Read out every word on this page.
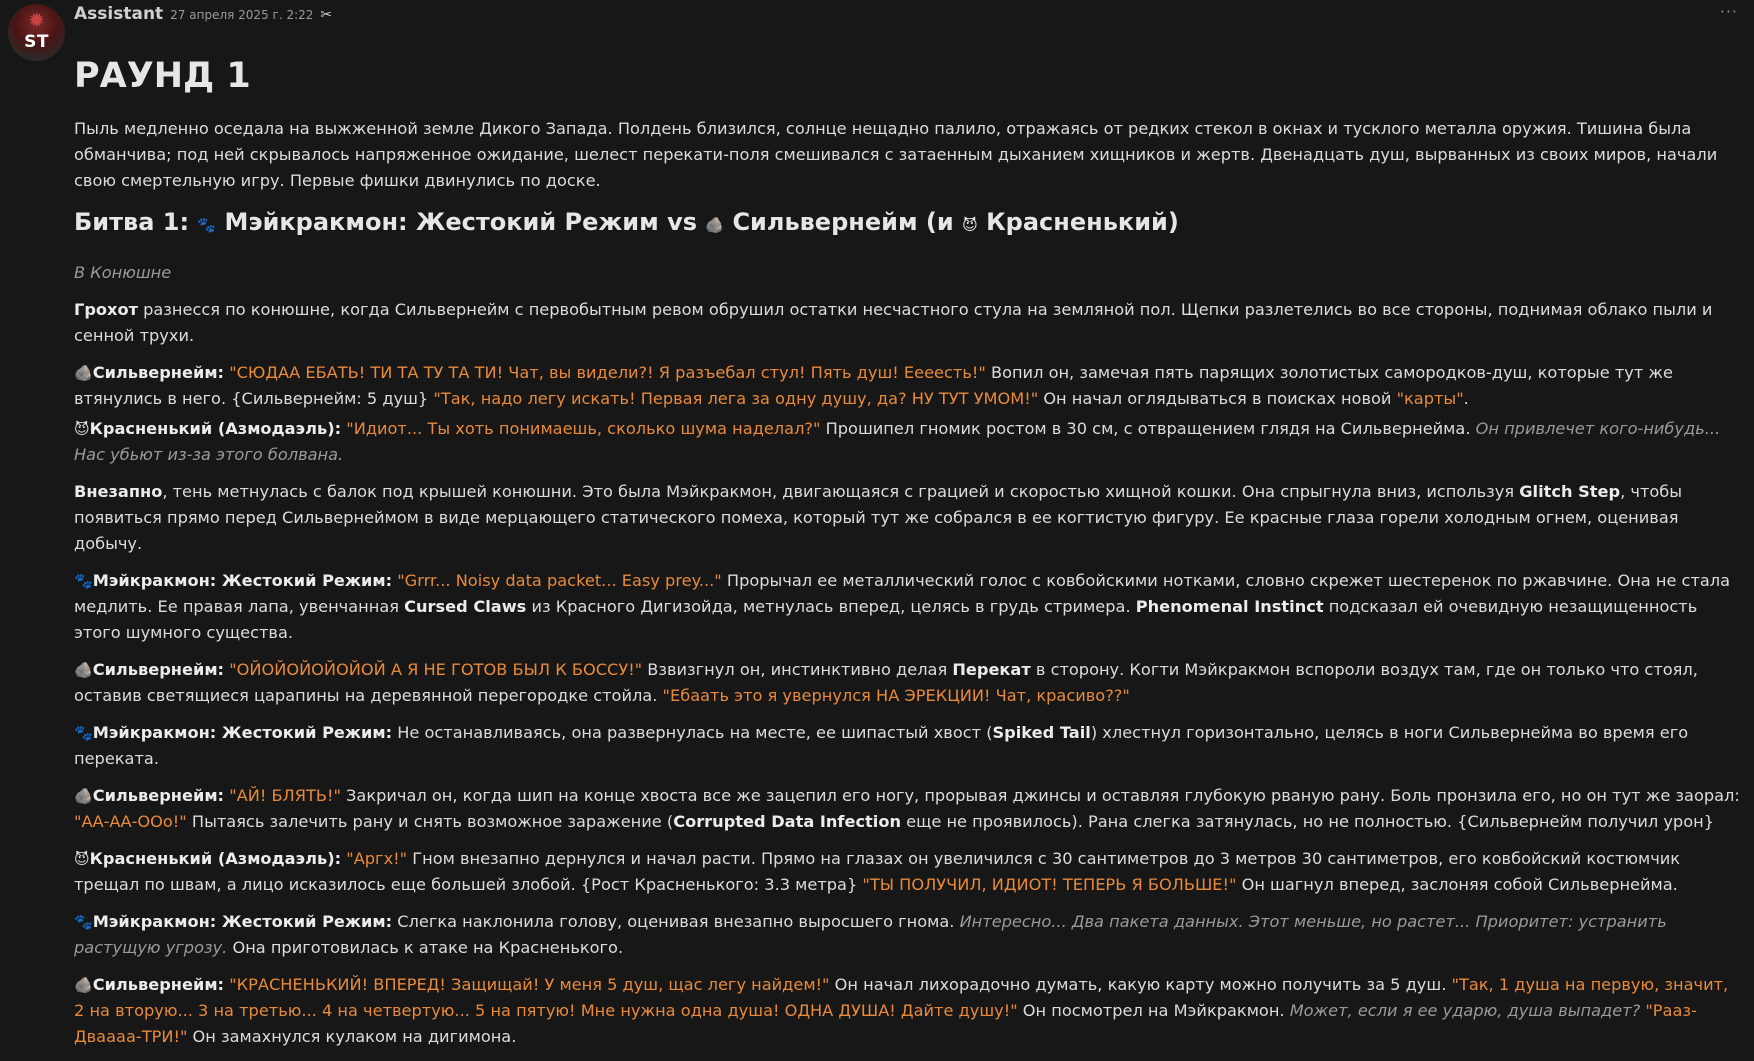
✹
ST
Assistant 27 апреля 2025 г. 2:22 ✂	···
РАУНД 1

Пыль медленно оседала на выжженной земле Дикого Запада. Полдень близился, солнце нещадно палило, отражаясь от редких стекол в окнах и тусклого металла оружия. Тишина была обманчива; под ней скрывалось напряженное ожидание, шелест перекати-поля смешивался с затаенным дыханием хищников и жертв. Двенадцать душ, вырванных из своих миров, начали свою смертельную игру. Первые фишки двинулись по доске.

Битва 1: 🐾 Мэйкракмон: Жестокий Режим vs 🪨 Сильвернейм (и 😈 Красненький)

В Конюшне

Грохот разнесся по конюшне, когда Сильвернейм с первобытным ревом обрушил остатки несчастного стула на земляной пол. Щепки разлетелись во все стороны, поднимая облако пыли и сенной трухи.

🪨Сильвернейм: "СЮДАА ЕБАТЬ! ТИ ТА ТУ ТА ТИ! Чат, вы видели?! Я разъебал стул! Пять душ! Еееесть!" Вопил он, замечая пять парящих золотистых самородков-душ, которые тут же втянулись в него. {Сильвернейм: 5 душ} "Так, надо легу искать! Первая лега за одну душу, да? НУ ТУТ УМОМ!" Он начал оглядываться в поисках новой "карты".

😈Красненький (Азмодаэль): "Идиот... Ты хоть понимаешь, сколько шума наделал?" Прошипел гномик ростом в 30 см, с отвращением глядя на Сильвернейма. Он привлечет кого-нибудь... Нас убьют из-за этого болвана.

Внезапно, тень метнулась с балок под крышей конюшни. Это была Мэйкракмон, двигающаяся с грацией и скоростью хищной кошки. Она спрыгнула вниз, используя Glitch Step, чтобы появиться прямо перед Сильвернеймом в виде мерцающего статического помеха, который тут же собрался в ее когтистую фигуру. Ее красные глаза горели холодным огнем, оценивая добычу.

🐾Мэйкракмон: Жестокий Режим: "Grrr... Noisy data packet... Easy prey..." Прорычал ее металлический голос с ковбойскими нотками, словно скрежет шестеренок по ржавчине. Она не стала медлить. Ее правая лапа, увенчанная Cursed Claws из Красного Дигизойда, метнулась вперед, целясь в грудь стримера. Phenomenal Instinct подсказал ей очевидную незащищенность этого шумного существа.

🪨Сильвернейм: "ОЙОЙОЙОЙОЙОЙ А Я НЕ ГОТОВ БЫЛ К БОССУ!" Взвизгнул он, инстинктивно делая Перекат в сторону. Когти Мэйкракмон вспороли воздух там, где он только что стоял, оставив светящиеся царапины на деревянной перегородке стойла. "Ебаать это я увернулся НА ЭРЕКЦИИ! Чат, красиво??"

🐾Мэйкракмон: Жестокий Режим: Не останавливаясь, она развернулась на месте, ее шипастый хвост (Spiked Tail) хлестнул горизонтально, целясь в ноги Сильвернейма во время его переката.

🪨Сильвернейм: "АЙ! БЛЯТЬ!" Закричал он, когда шип на конце хвоста все же зацепил его ногу, прорывая джинсы и оставляя глубокую рваную рану. Боль пронзила его, но он тут же заорал: "АА-АА-ООо!" Пытаясь залечить рану и снять возможное заражение (Corrupted Data Infection еще не проявилось). Рана слегка затянулась, но не полностью. {Сильвернейм получил урон}

😈Красненький (Азмодаэль): "Аргх!" Гном внезапно дернулся и начал расти. Прямо на глазах он увеличился с 30 сантиметров до 3 метров 30 сантиметров, его ковбойский костюмчик трещал по швам, а лицо исказилось еще большей злобой. {Рост Красненького: 3.3 метра} "ТЫ ПОЛУЧИЛ, ИДИОТ! ТЕПЕРЬ Я БОЛЬШЕ!" Он шагнул вперед, заслоняя собой Сильвернейма.

🐾Мэйкракмон: Жестокий Режим: Слегка наклонила голову, оценивая внезапно выросшего гнома. Интересно... Два пакета данных. Этот меньше, но растет... Приоритет: устранить растущую угрозу. Она приготовилась к атаке на Красненького.

🪨Сильвернейм: "КРАСНЕНЬКИЙ! ВПЕРЕД! Защищай! У меня 5 душ, щас легу найдем!" Он начал лихорадочно думать, какую карту можно получить за 5 душ. "Так, 1 душа на первую, значит, 2 на вторую... 3 на третью... 4 на четвертую... 5 на пятую! Мне нужна одна душа! ОДНА ДУША! Дайте душу!" Он посмотрел на Мэйкракмон. Может, если я ее ударю, душа выпадет? "Рааз-Дваааа-ТРИ!" Он замахнулся кулаком на дигимона.
